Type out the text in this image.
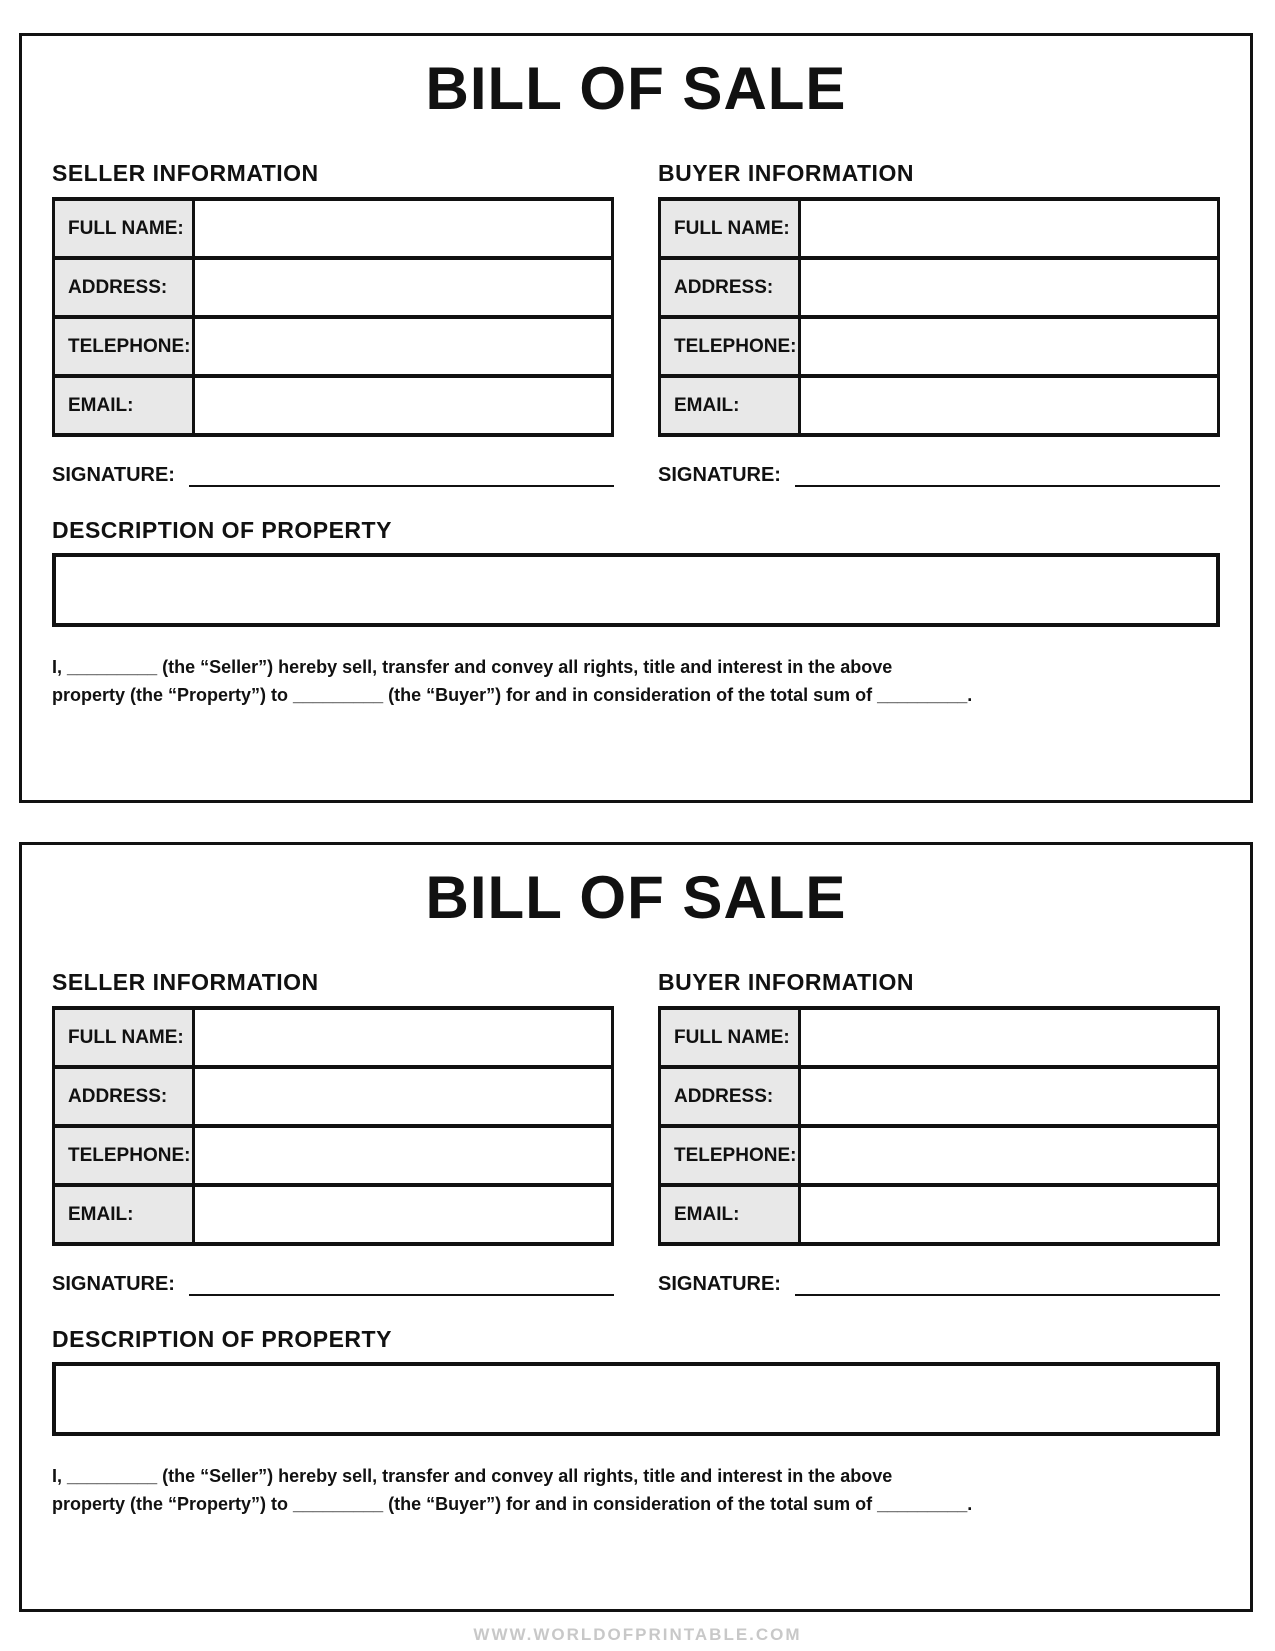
BILL OF SALE
SELLER INFORMATION
FULL NAME:	
ADDRESS:	
TELEPHONE:	
EMAIL:	
SIGNATURE:
BUYER INFORMATION
FULL NAME:	
ADDRESS:	
TELEPHONE:	
EMAIL:	
SIGNATURE:
DESCRIPTION OF PROPERTY
I, _________ (the “Seller”) hereby sell, transfer and convey all rights, title and interest in the above
property (the “Property”) to _________ (the “Buyer”) for and in consideration of the total sum of _________.
BILL OF SALE
SELLER INFORMATION
FULL NAME:	
ADDRESS:	
TELEPHONE:	
EMAIL:	
SIGNATURE:
BUYER INFORMATION
FULL NAME:	
ADDRESS:	
TELEPHONE:	
EMAIL:	
SIGNATURE:
DESCRIPTION OF PROPERTY
I, _________ (the “Seller”) hereby sell, transfer and convey all rights, title and interest in the above
property (the “Property”) to _________ (the “Buyer”) for and in consideration of the total sum of _________.
WWW.WORLDOFPRINTABLE.COM
